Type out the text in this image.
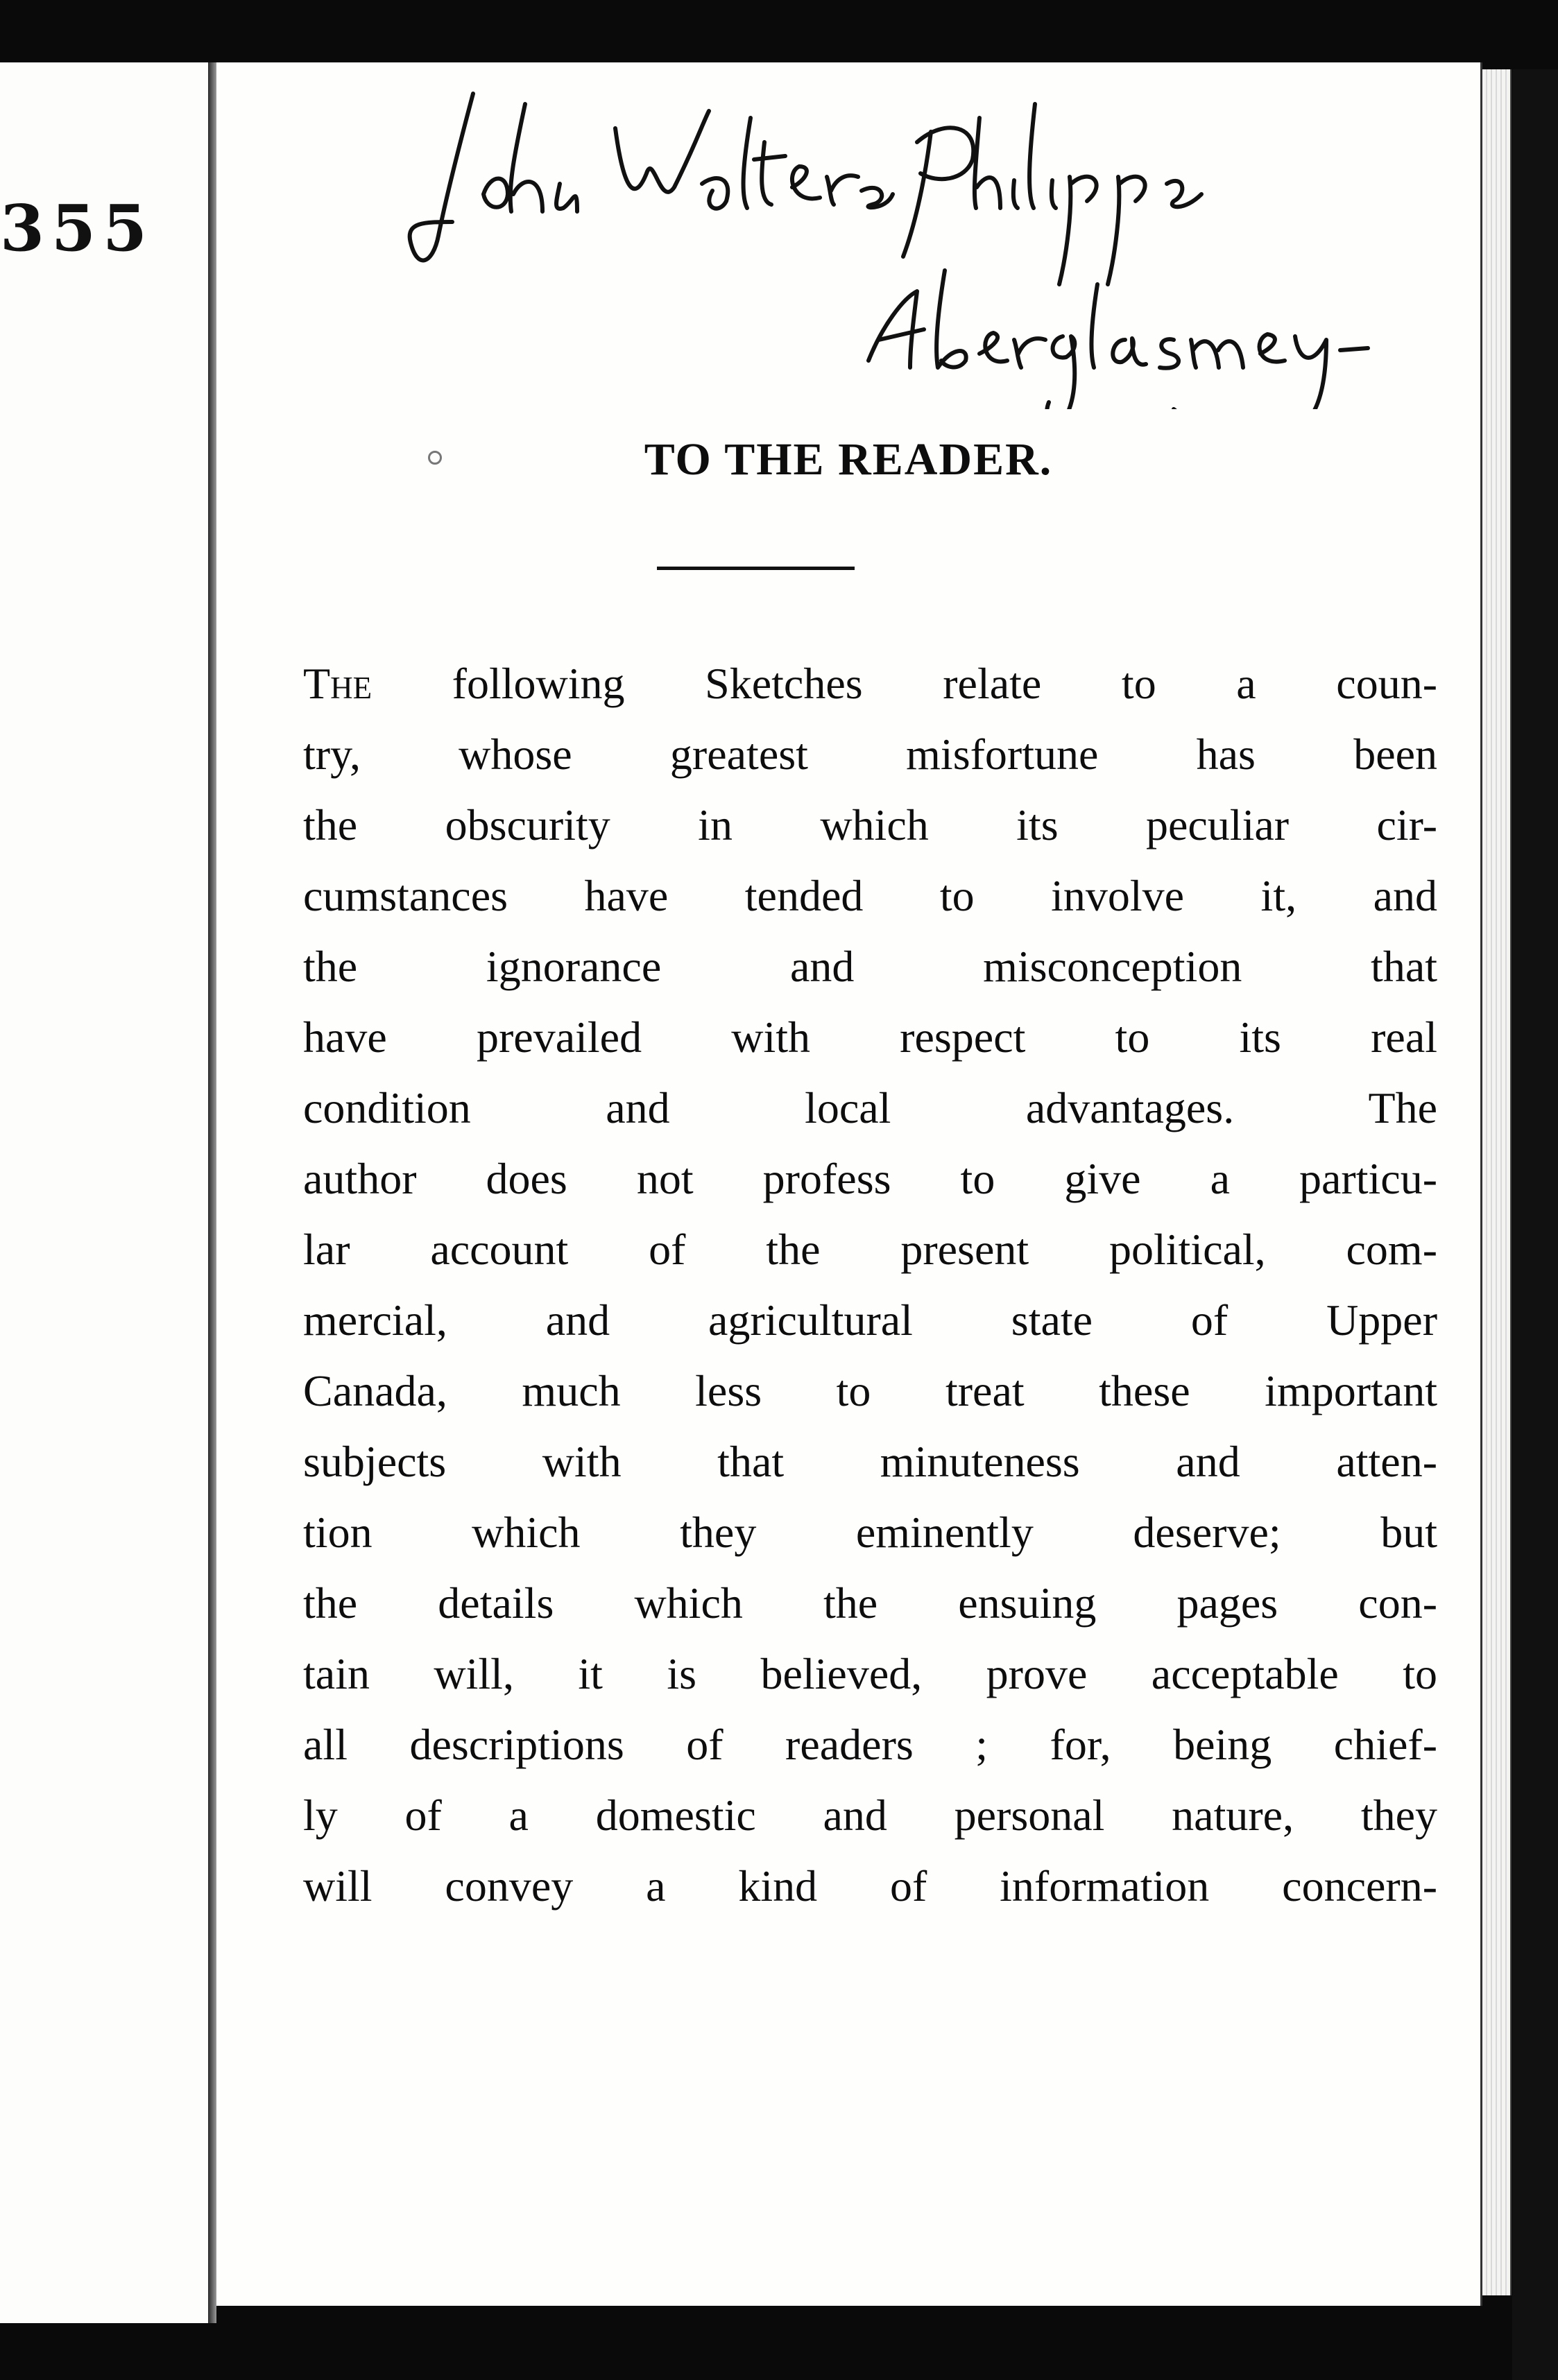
355
TO THE READER.
The following Sketches relate to a coun-
try, whose greatest misfortune has been
the obscurity in which its peculiar cir-
cumstances have tended to involve it, and
the ignorance and misconception that
have prevailed with respect to its real
condition and local advantages. The
author does not profess to give a particu-
lar account of the present political, com-
mercial, and agricultural state of Upper
Canada, much less to treat these important
subjects with that minuteness and atten-
tion which they eminently deserve; but
the details which the ensuing pages con-
tain will, it is believed, prove acceptable to
all descriptions of readers ; for, being chief-
ly of a domestic and personal nature, they
will convey a kind of information concern-
